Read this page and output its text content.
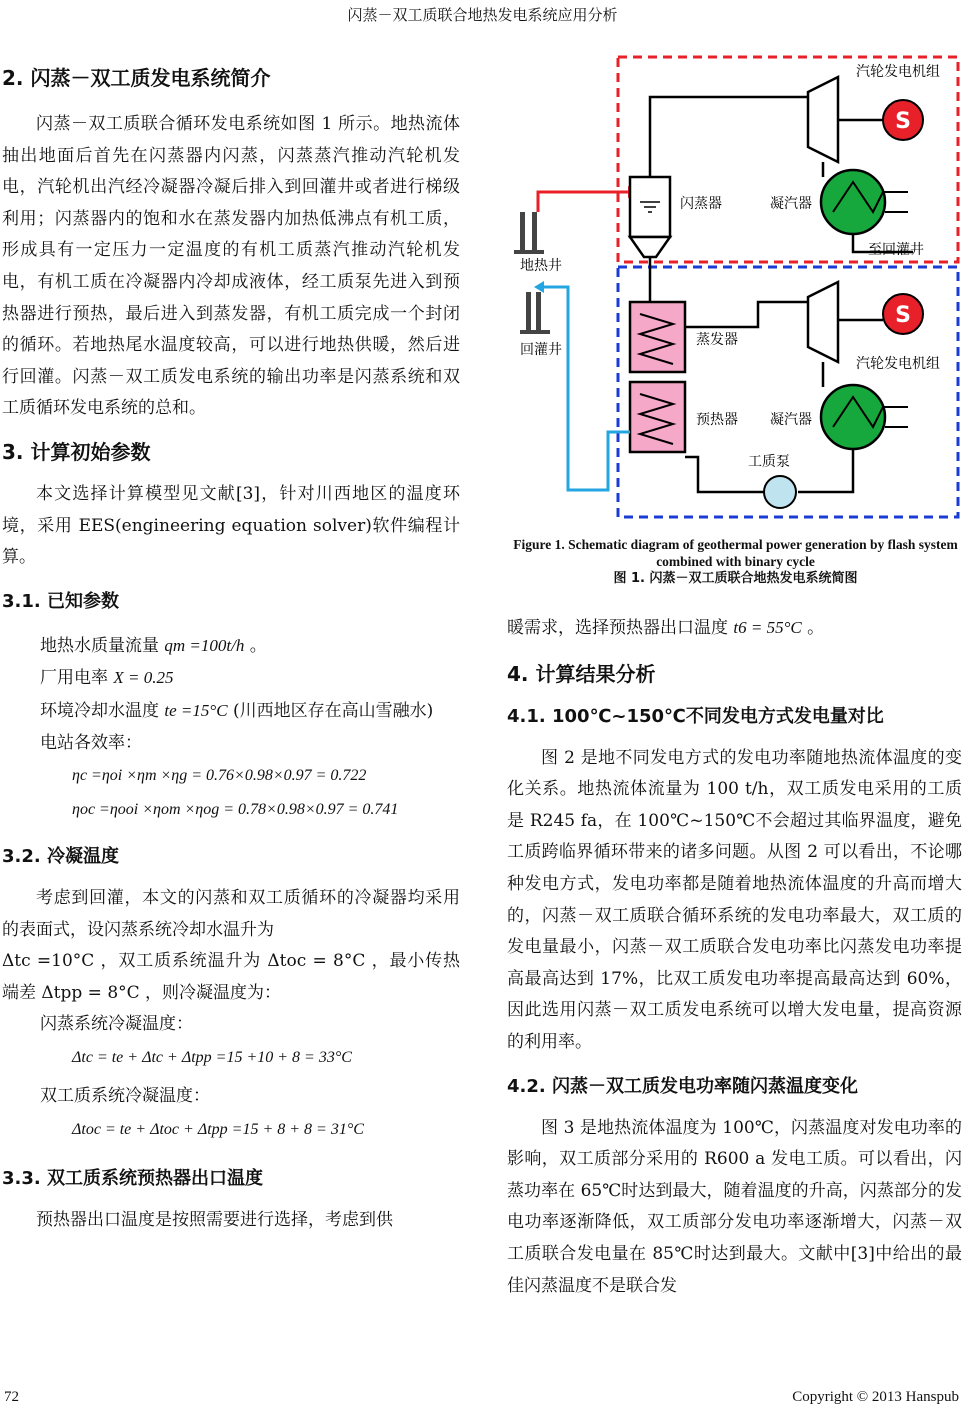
闪蒸－双工质联合地热发电系统应用分析
2. 闪蒸－双工质发电系统简介

闪蒸－双工质联合循环发电系统如图 1 所示。地热流体抽出地面后首先在闪蒸器内闪蒸，闪蒸蒸汽推动汽轮机发电，汽轮机出汽经冷凝器冷凝后排入到回灌井或者进行梯级利用；闪蒸器内的饱和水在蒸发器内加热低沸点有机工质，形成具有一定压力一定温度的有机工质蒸汽推动汽轮机发电，有机工质在冷凝器内冷却成液体，经工质泵先进入到预热器进行预热，最后进入到蒸发器，有机工质完成一个封闭的循环。若地热尾水温度较高，可以进行地热供暖，然后进行回灌。闪蒸－双工质发电系统的输出功率是闪蒸系统和双工质循环发电系统的总和。

3. 计算初始参数

本文选择计算模型见文献[3]，针对川西地区的温度环境，采用 EES(engineering equation solver)软件编程计算。

3.1. 已知参数
地热水质量流量 qm =100t/h 。
厂用电率 X = 0.25
环境冷却水温度 te =15°C (川西地区存在高山雪融水)
电站各效率：
ηc =ηoi ×ηm ×ηg = 0.76×0.98×0.97 = 0.722
ηoc =ηooi ×ηom ×ηog = 0.78×0.98×0.97 = 0.741
3.2. 冷凝温度

考虑到回灌，本文的闪蒸和双工质循环的冷凝器均采用的表面式，设闪蒸系统冷却水温升为

Δtc =10°C ，双工质系统温升为 Δtoc = 8°C ，最小传热端差 Δtpp = 8°C ，则冷凝温度为：

闪蒸系统冷凝温度：
Δtc = te + Δtc + Δtpp =15 +10 + 8 = 33°C
双工质系统冷凝温度：
Δtoc = te + Δtoc + Δtpp =15 + 8 + 8 = 31°C
3.3. 双工质系统预热器出口温度

预热器出口温度是按照需要进行选择，考虑到供

地热井
回灌井
闪蒸器
S
汽轮发电机组
凝汽器
至回灌井
蒸发器
预热器
S
汽轮发电机组
凝汽器
工质泵
Figure 1. Schematic diagram of geothermal power generation by flash system combined with binary cycle
图 1. 闪蒸－双工质联合地热发电系统简图

暖需求，选择预热器出口温度 t6 = 55°C 。

4. 计算结果分析
4.1. 100℃~150℃不同发电方式发电量对比

图 2 是地不同发电方式的发电功率随地热流体温度的变化关系。地热流体流量为 100 t/h，双工质发电采用的工质是 R245 fa，在 100℃~150℃不会超过其临界温度，避免工质跨临界循环带来的诸多问题。从图 2 可以看出，不论哪种发电方式，发电功率都是随着地热流体温度的升高而增大的，闪蒸－双工质联合循环系统的发电功率最大，双工质的发电量最小，闪蒸－双工质联合发电功率比闪蒸发电功率提高最高达到 17%，比双工质发电功率提高最高达到 60%，因此选用闪蒸－双工质发电系统可以增大发电量，提高资源的利用率。

4.2. 闪蒸－双工质发电功率随闪蒸温度变化

图 3 是地热流体温度为 100℃，闪蒸温度对发电功率的影响，双工质部分采用的 R600 a 发电工质。可以看出，闪蒸功率在 65℃时达到最大，随着温度的升高，闪蒸部分的发电功率逐渐降低，双工质部分发电功率逐渐增大，闪蒸－双工质联合发电量在 85℃时达到最大。文献中[3]中给出的最佳闪蒸温度不是联合发

72	Copyright © 2013 Hanspub
